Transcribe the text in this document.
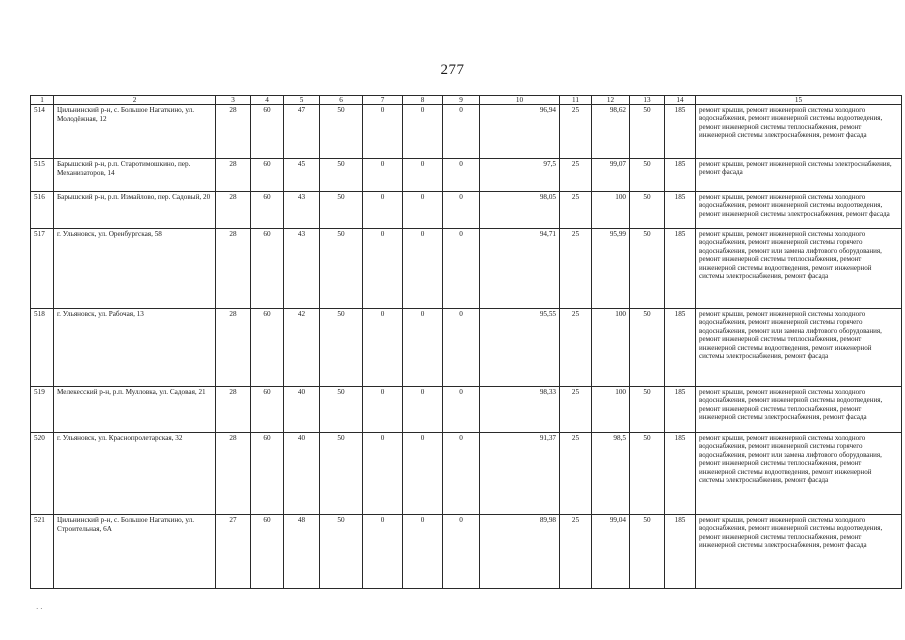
277
1	2	3	4	5	6	7	8	9	10	11	12	13	14	15
514	Цильнинский р-н, с. Большое Нагаткино, ул. Молодёжная, 12	28	60	47	50	0	0	0	96,94	25	98,62	50	185	ремонт крыши, ремонт инженерной системы холодного водоснабжения, ремонт инженерной системы водоотведения, ремонт инженерной системы теплоснабжения, ремонт инженерной системы электроснабжения, ремонт фасада
515	Барышский р-н, р.п. Старотимошкино, пер. Механизаторов, 14	28	60	45	50	0	0	0	97,5	25	99,07	50	185	ремонт крыши, ремонт инженерной системы электроснабжения, ремонт фасада
516	Барышский р-н, р.п. Измайлово, пер. Садовый, 20	28	60	43	50	0	0	0	98,05	25	100	50	185	ремонт крыши, ремонт инженерной системы холодного водоснабжения, ремонт инженерной системы водоотведения, ремонт инженерной системы электроснабжения, ремонт фасада
517	г. Ульяновск, ул. Оренбургская, 58	28	60	43	50	0	0	0	94,71	25	95,99	50	185	ремонт крыши, ремонт инженерной системы холодного водоснабжения, ремонт инженерной системы горячего водоснабжения, ремонт или замена лифтового оборудования, ремонт инженерной системы теплоснабжения, ремонт инженерной системы водоотведения, ремонт инженерной системы электроснабжения, ремонт фасада
518	г. Ульяновск, ул. Рабочая, 13	28	60	42	50	0	0	0	95,55	25	100	50	185	ремонт крыши, ремонт инженерной системы холодного водоснабжения, ремонт инженерной системы горячего водоснабжения, ремонт или замена лифтового оборудования, ремонт инженерной системы теплоснабжения, ремонт инженерной системы водоотведения, ремонт инженерной системы электроснабжения, ремонт фасада
519	Мелекесский р-н, р.п. Мулловка, ул. Садовая, 21	28	60	40	50	0	0	0	98,33	25	100	50	185	ремонт крыши, ремонт инженерной системы холодного водоснабжения, ремонт инженерной системы водоотведения, ремонт инженерной системы теплоснабжения, ремонт инженерной системы электроснабжения, ремонт фасада
520	г. Ульяновск, ул. Краснопролетарская, 32	28	60	40	50	0	0	0	91,37	25	98,5	50	185	ремонт крыши, ремонт инженерной системы холодного водоснабжения, ремонт инженерной системы горячего водоснабжения, ремонт или замена лифтового оборудования, ремонт инженерной системы теплоснабжения, ремонт инженерной системы водоотведения, ремонт инженерной системы электроснабжения, ремонт фасада
521	Цильнинский р-н, с. Большое Нагаткино, ул. Строительная, 6А	27	60	48	50	0	0	0	89,98	25	99,04	50	185	ремонт крыши, ремонт инженерной системы холодного водоснабжения, ремонт инженерной системы водоотведения, ремонт инженерной системы теплоснабжения, ремонт инженерной системы электроснабжения, ремонт фасада
· ·
